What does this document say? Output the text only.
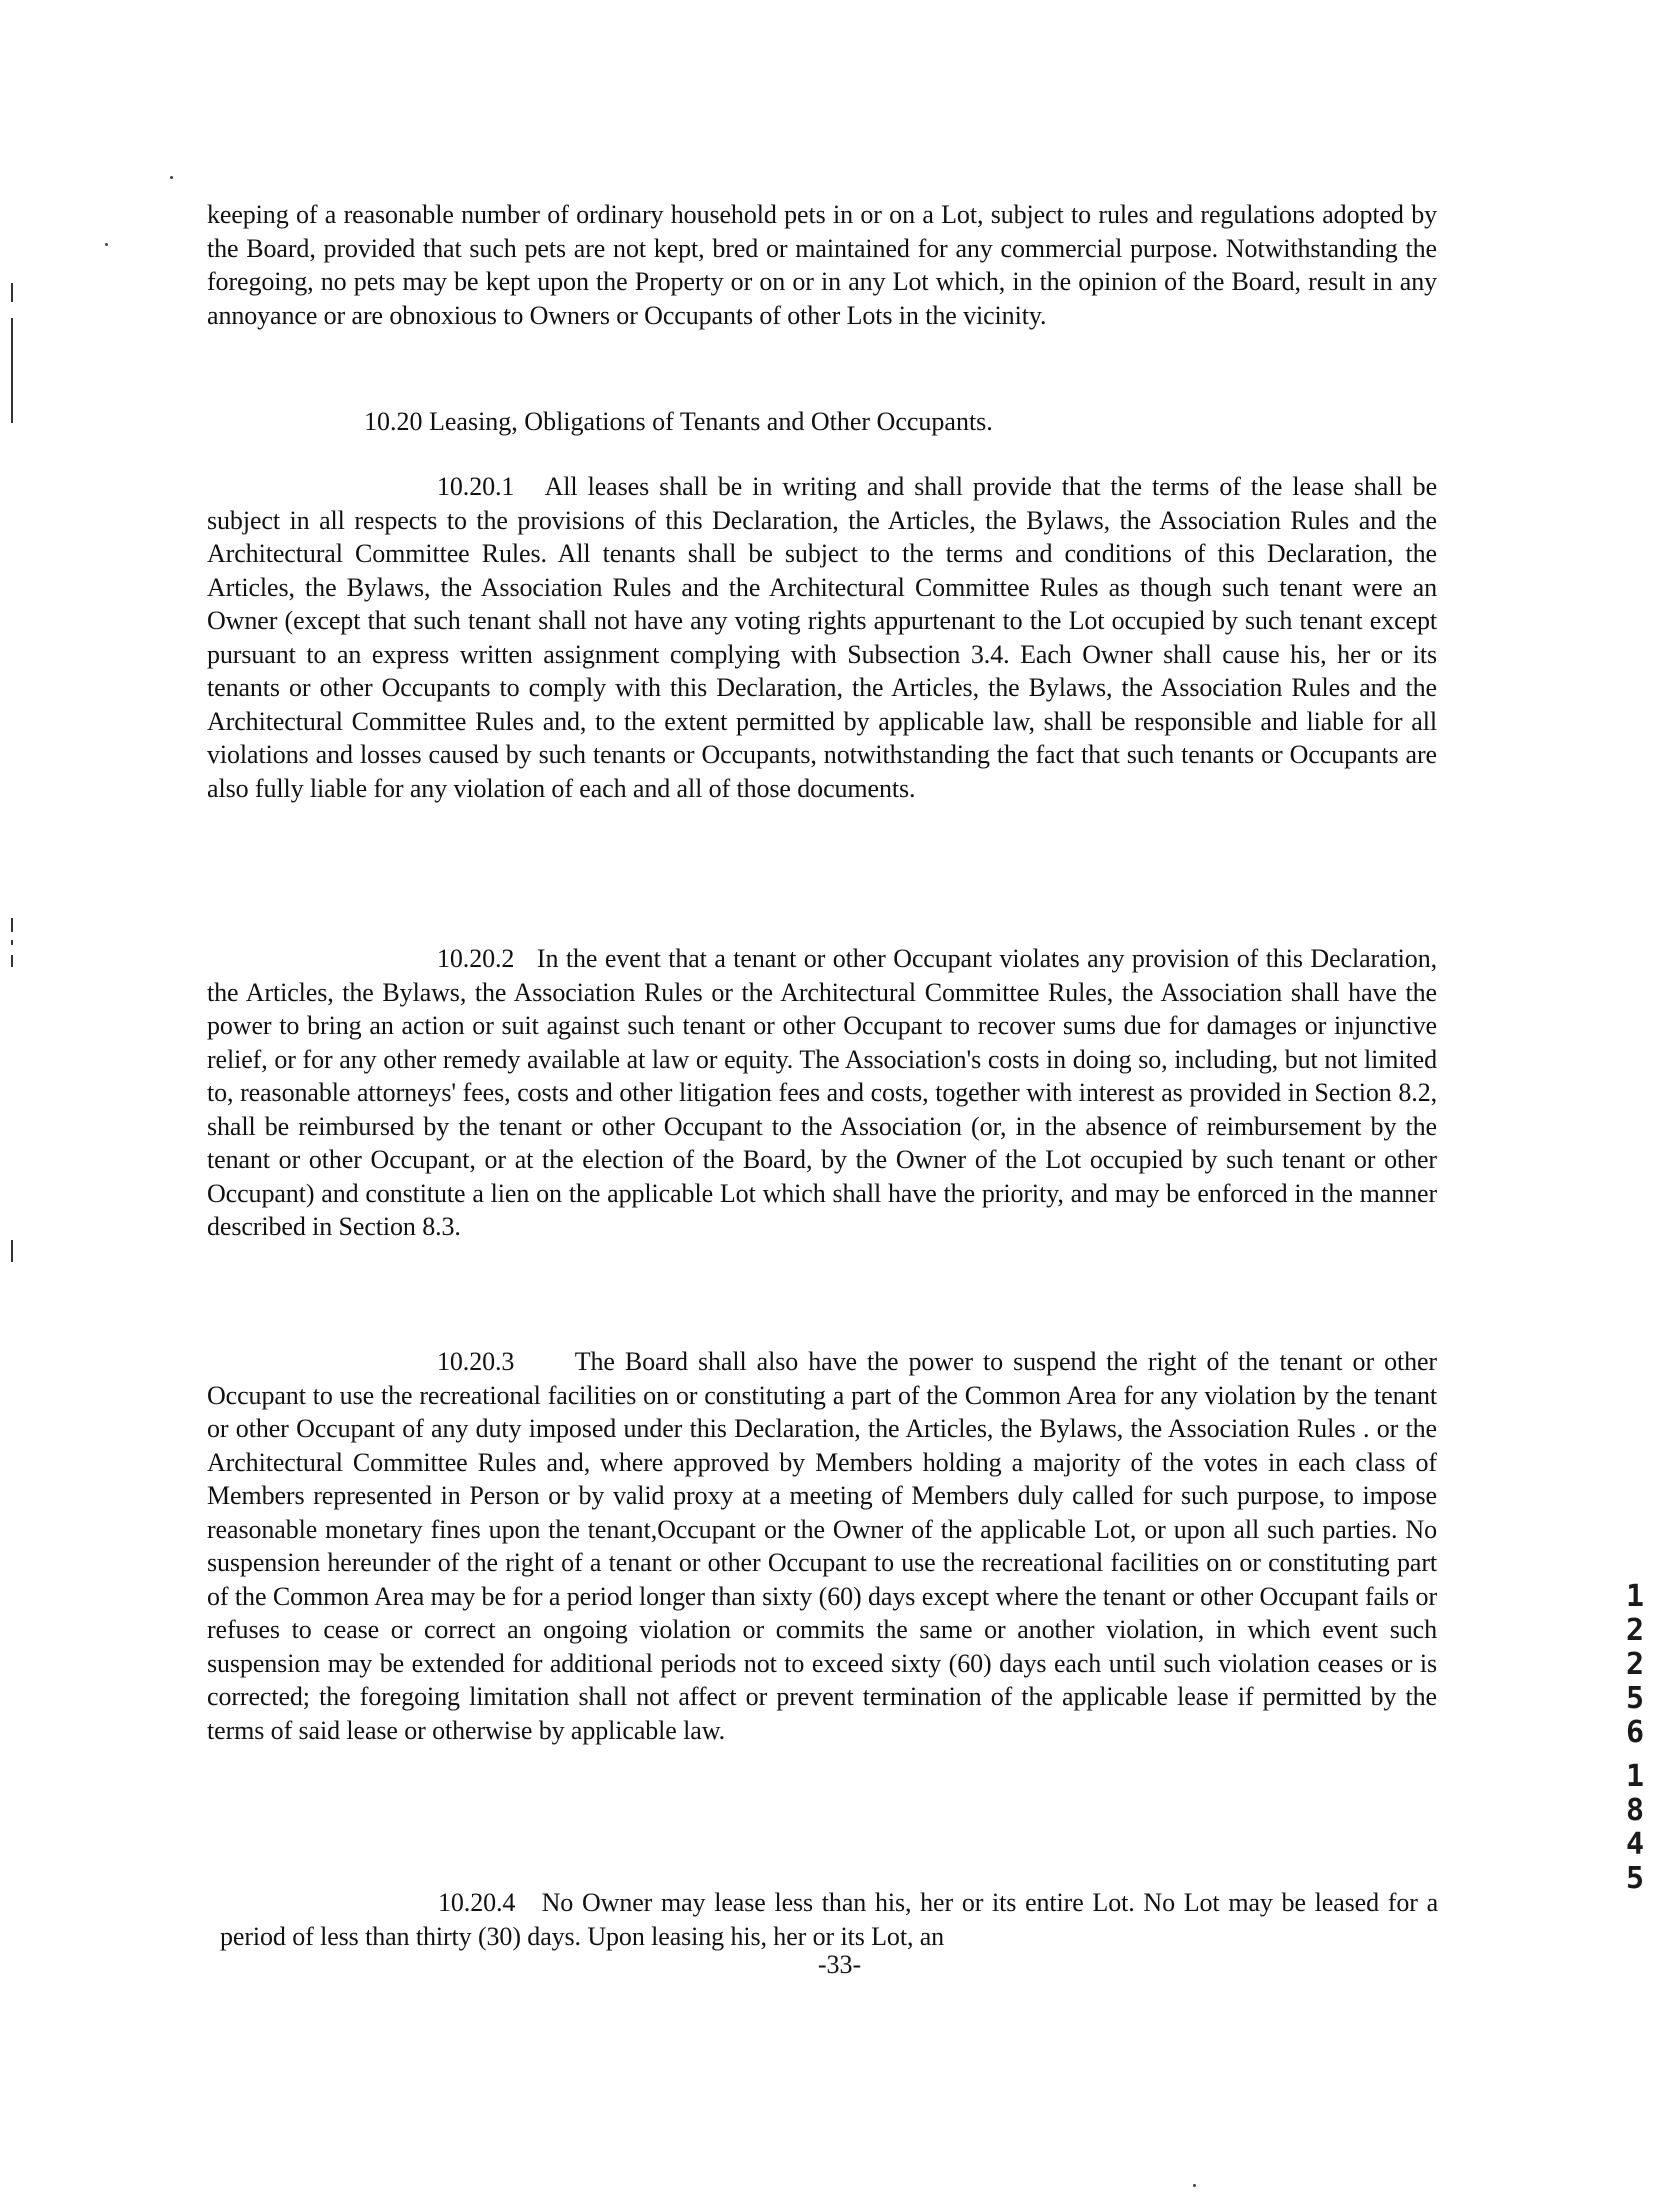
keeping of a reasonable number of ordinary household pets in or on a Lot, subject to rules and regulations adopted by the Board, provided that such pets are not kept, bred or maintained for any commercial purpose. Notwithstanding the foregoing, no pets may be kept upon the Property or on or in any Lot which, in the opinion of the Board, result in any annoyance or are obnoxious to Owners or Occupants of other Lots in the vicinity.

10.20 Leasing, Obligations of Tenants and Other Occupants.

10.20.1 All leases shall be in writing and shall provide that the terms of the lease shall be subject in all respects to the provisions of this Declaration, the Articles, the Bylaws, the Association Rules and the Architectural Committee Rules. All tenants shall be subject to the terms and conditions of this Declaration, the Articles, the Bylaws, the Association Rules and the Architectural Committee Rules as though such tenant were an Owner (except that such tenant shall not have any voting rights appurtenant to the Lot occupied by such tenant except pursuant to an express written assignment complying with Subsection 3.4. Each Owner shall cause his, her or its tenants or other Occupants to comply with this Declaration, the Articles, the Bylaws, the Association Rules and the Architectural Committee Rules and, to the extent permitted by applicable law, shall be responsible and liable for all violations and losses caused by such tenants or Occupants, notwithstanding the fact that such tenants or Occupants are also fully liable for any violation of each and all of those documents.

10.20.2 In the event that a tenant or other Occupant violates any provision of this Declaration, the Articles, the Bylaws, the Association Rules or the Architectural Committee Rules, the Association shall have the power to bring an action or suit against such tenant or other Occupant to recover sums due for damages or injunctive relief, or for any other remedy available at law or equity. The Association's costs in doing so, including, but not limited to, reasonable attorneys' fees, costs and other litigation fees and costs, together with interest as provided in Section 8.2, shall be reimbursed by the tenant or other Occupant to the Association (or, in the absence of reimbursement by the tenant or other Occupant, or at the election of the Board, by the Owner of the Lot occupied by such tenant or other Occupant) and constitute a lien on the applicable Lot which shall have the priority, and may be enforced in the manner described in Section 8.3.

10.20.3 The Board shall also have the power to suspend the right of the tenant or other Occupant to use the recreational facilities on or constituting a part of the Common Area for any violation by the tenant or other Occupant of any duty imposed under this Declaration, the Articles, the Bylaws, the Association Rules . or the Architectural Committee Rules and, where approved by Members holding a majority of the votes in each class of Members represented in Person or by valid proxy at a meeting of Members duly called for such purpose, to impose reasonable monetary fines upon the tenant,Occupant or the Owner of the applicable Lot, or upon all such parties. No suspension hereunder of the right of a tenant or other Occupant to use the recreational facilities on or constituting part of the Common Area may be for a period longer than sixty (60) days except where the tenant or other Occupant fails or refuses to cease or correct an ongoing violation or commits the same or another violation, in which event such suspension may be extended for additional periods not to exceed sixty (60) days each until such violation ceases or is corrected; the foregoing limitation shall not affect or prevent termination of the applicable lease if permitted by the terms of said lease or otherwise by applicable law.

10.20.4 No Owner may lease less than his, her or its entire Lot. No Lot may be leased for a period of less than thirty (30) days. Upon leasing his, her or its Lot, an

-33-
1
2
2
5
6
1
8
4
5
